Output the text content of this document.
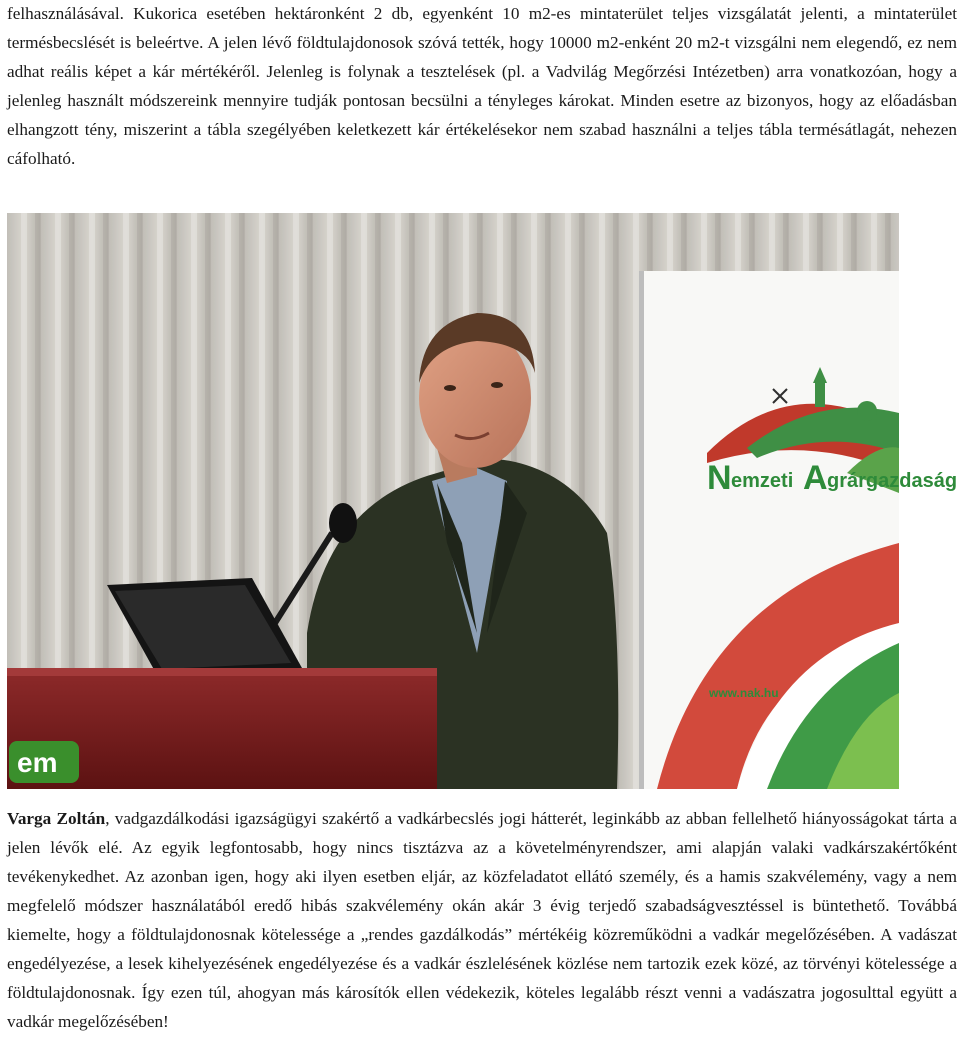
felhasználásával. Kukorica esetében hektáronként 2 db, egyenként 10 m2-es mintaterület teljes vizsgálatát jelenti, a mintaterület termésbecslését is beleértve. A jelen lévő földtulajdonosok szóvá tették, hogy 10000 m2-enként 20 m2-t vizsgálni nem elegendő, ez nem adhat reális képet a kár mértékéről. Jelenleg is folynak a tesztelések (pl. a Vadvilág Megőrzési Intézetben) arra vonatkozóan, hogy a jelenleg használt módszereink mennyire tudják pontosan becsülni a tényleges károkat. Minden esetre az bizonyos, hogy az előadásban elhangzott tény, miszerint a tábla szegélyében keletkezett kár értékelésekor nem szabad használni a teljes tábla termésátlagát, nehezen cáfolható.

N emzeti A grárgazdaság
www.nak.hu
em

Varga Zoltán, vadgazdálkodási igazságügyi szakértő a vadkárbecslés jogi hátterét, leginkább az abban fellelhető hiányosságokat tárta a jelen lévők elé. Az egyik legfontosabb, hogy nincs tisztázva az a követelményrendszer, ami alapján valaki vadkárszakértőként tevékenykedhet. Az azonban igen, hogy aki ilyen esetben eljár, az közfeladatot ellátó személy, és a hamis szakvélemény, vagy a nem megfelelő módszer használatából eredő hibás szakvélemény okán akár 3 évig terjedő szabadságvesztéssel is büntethető. Továbbá kiemelte, hogy a földtulajdonosnak kötelessége a „rendes gazdálkodás” mértékéig közreműködni a vadkár megelőzésében. A vadászat engedélyezése, a lesek kihelyezésének engedélyezése és a vadkár észlelésének közlése nem tartozik ezek közé, az törvényi kötelessége a földtulajdonosnak. Így ezen túl, ahogyan más károsítók ellen védekezik, köteles legalább részt venni a vadászatra jogosulttal együtt a vadkár megelőzésében!
